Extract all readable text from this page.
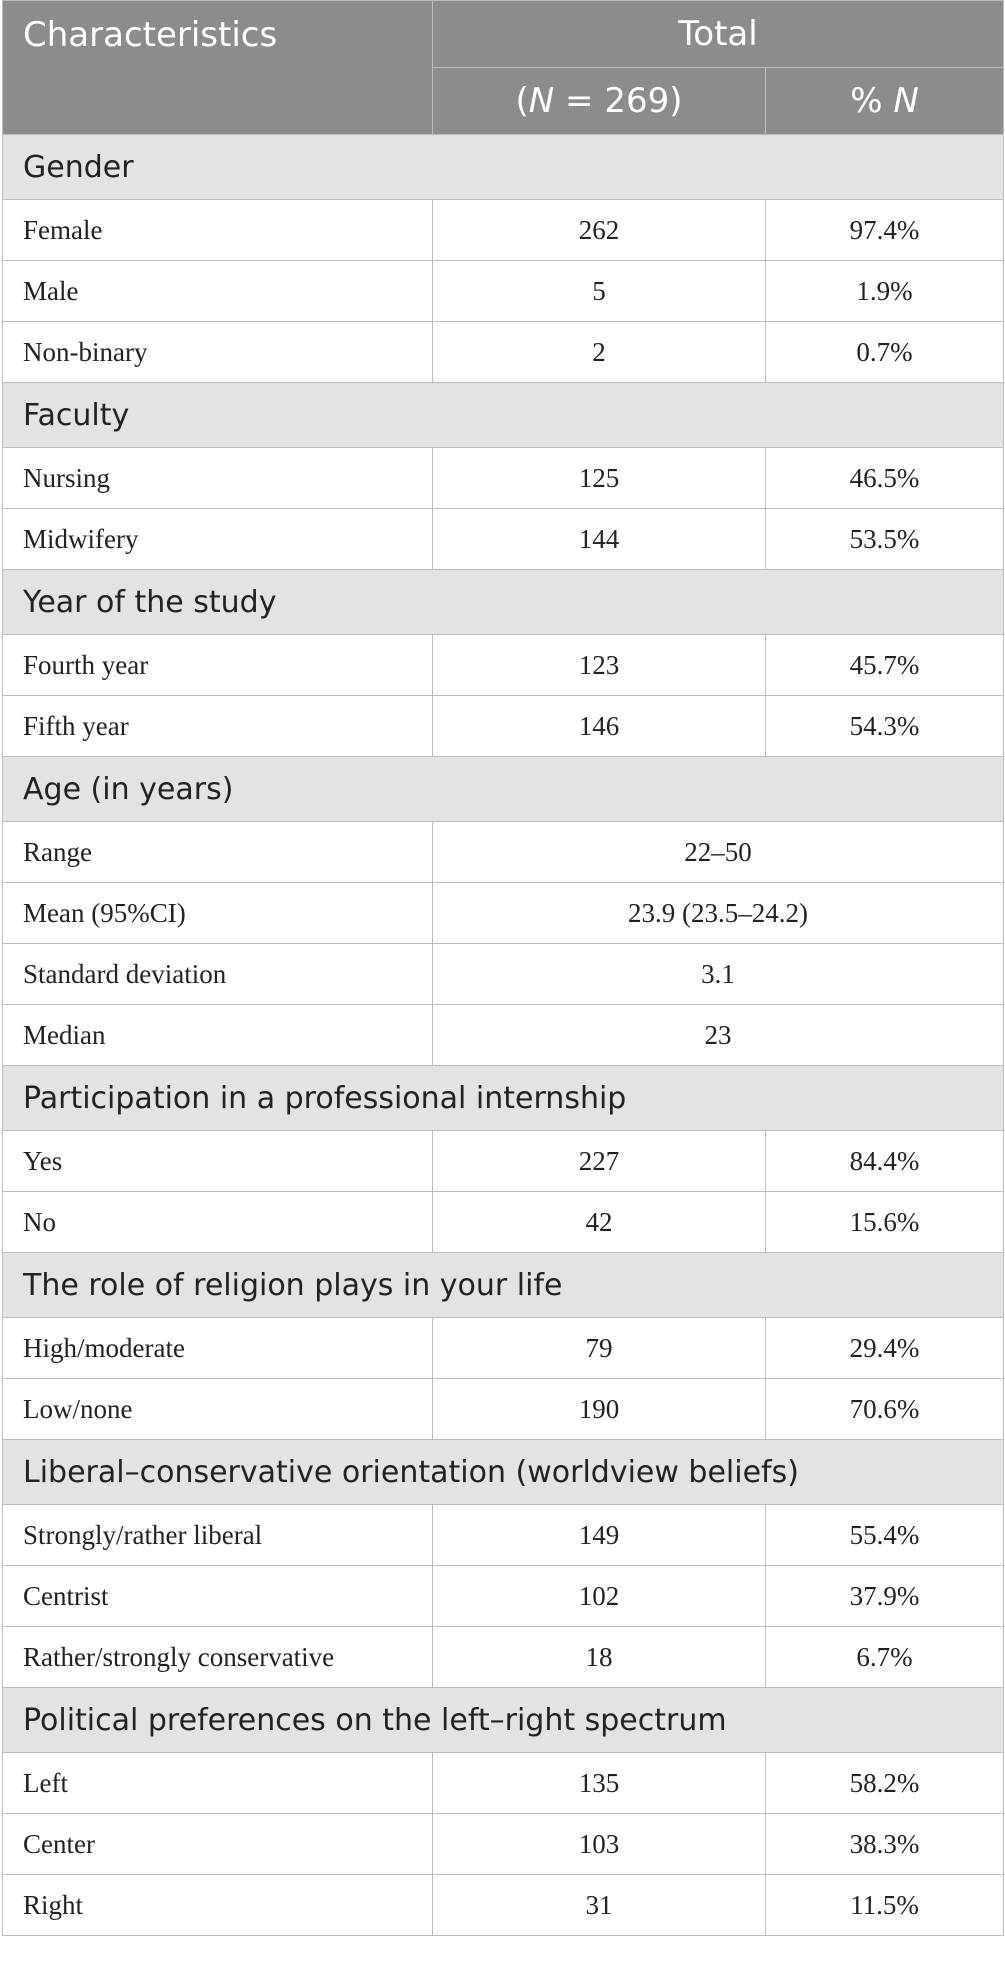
Characteristics	Total	
	(N = 269)	% N
Gender		
Female	262	97.4%
Male	5	1.9%
Non-binary	2	0.7%
Faculty		
Nursing	125	46.5%
Midwifery	144	53.5%
Year of the study		
Fourth year	123	45.7%
Fifth year	146	54.3%
Age (in years)		
Range	22–50	
Mean (95%CI)	23.9 (23.5–24.2)	
Standard deviation	3.1	
Median	23	
Participation in a professional internship		
Yes	227	84.4%
No	42	15.6%
The role of religion plays in your life		
High/moderate	79	29.4%
Low/none	190	70.6%
Liberal–conservative orientation (worldview beliefs)		
Strongly/rather liberal	149	55.4%
Centrist	102	37.9%
Rather/strongly conservative	18	6.7%
Political preferences on the left–right spectrum		
Left	135	58.2%
Center	103	38.3%
Right	31	11.5%
